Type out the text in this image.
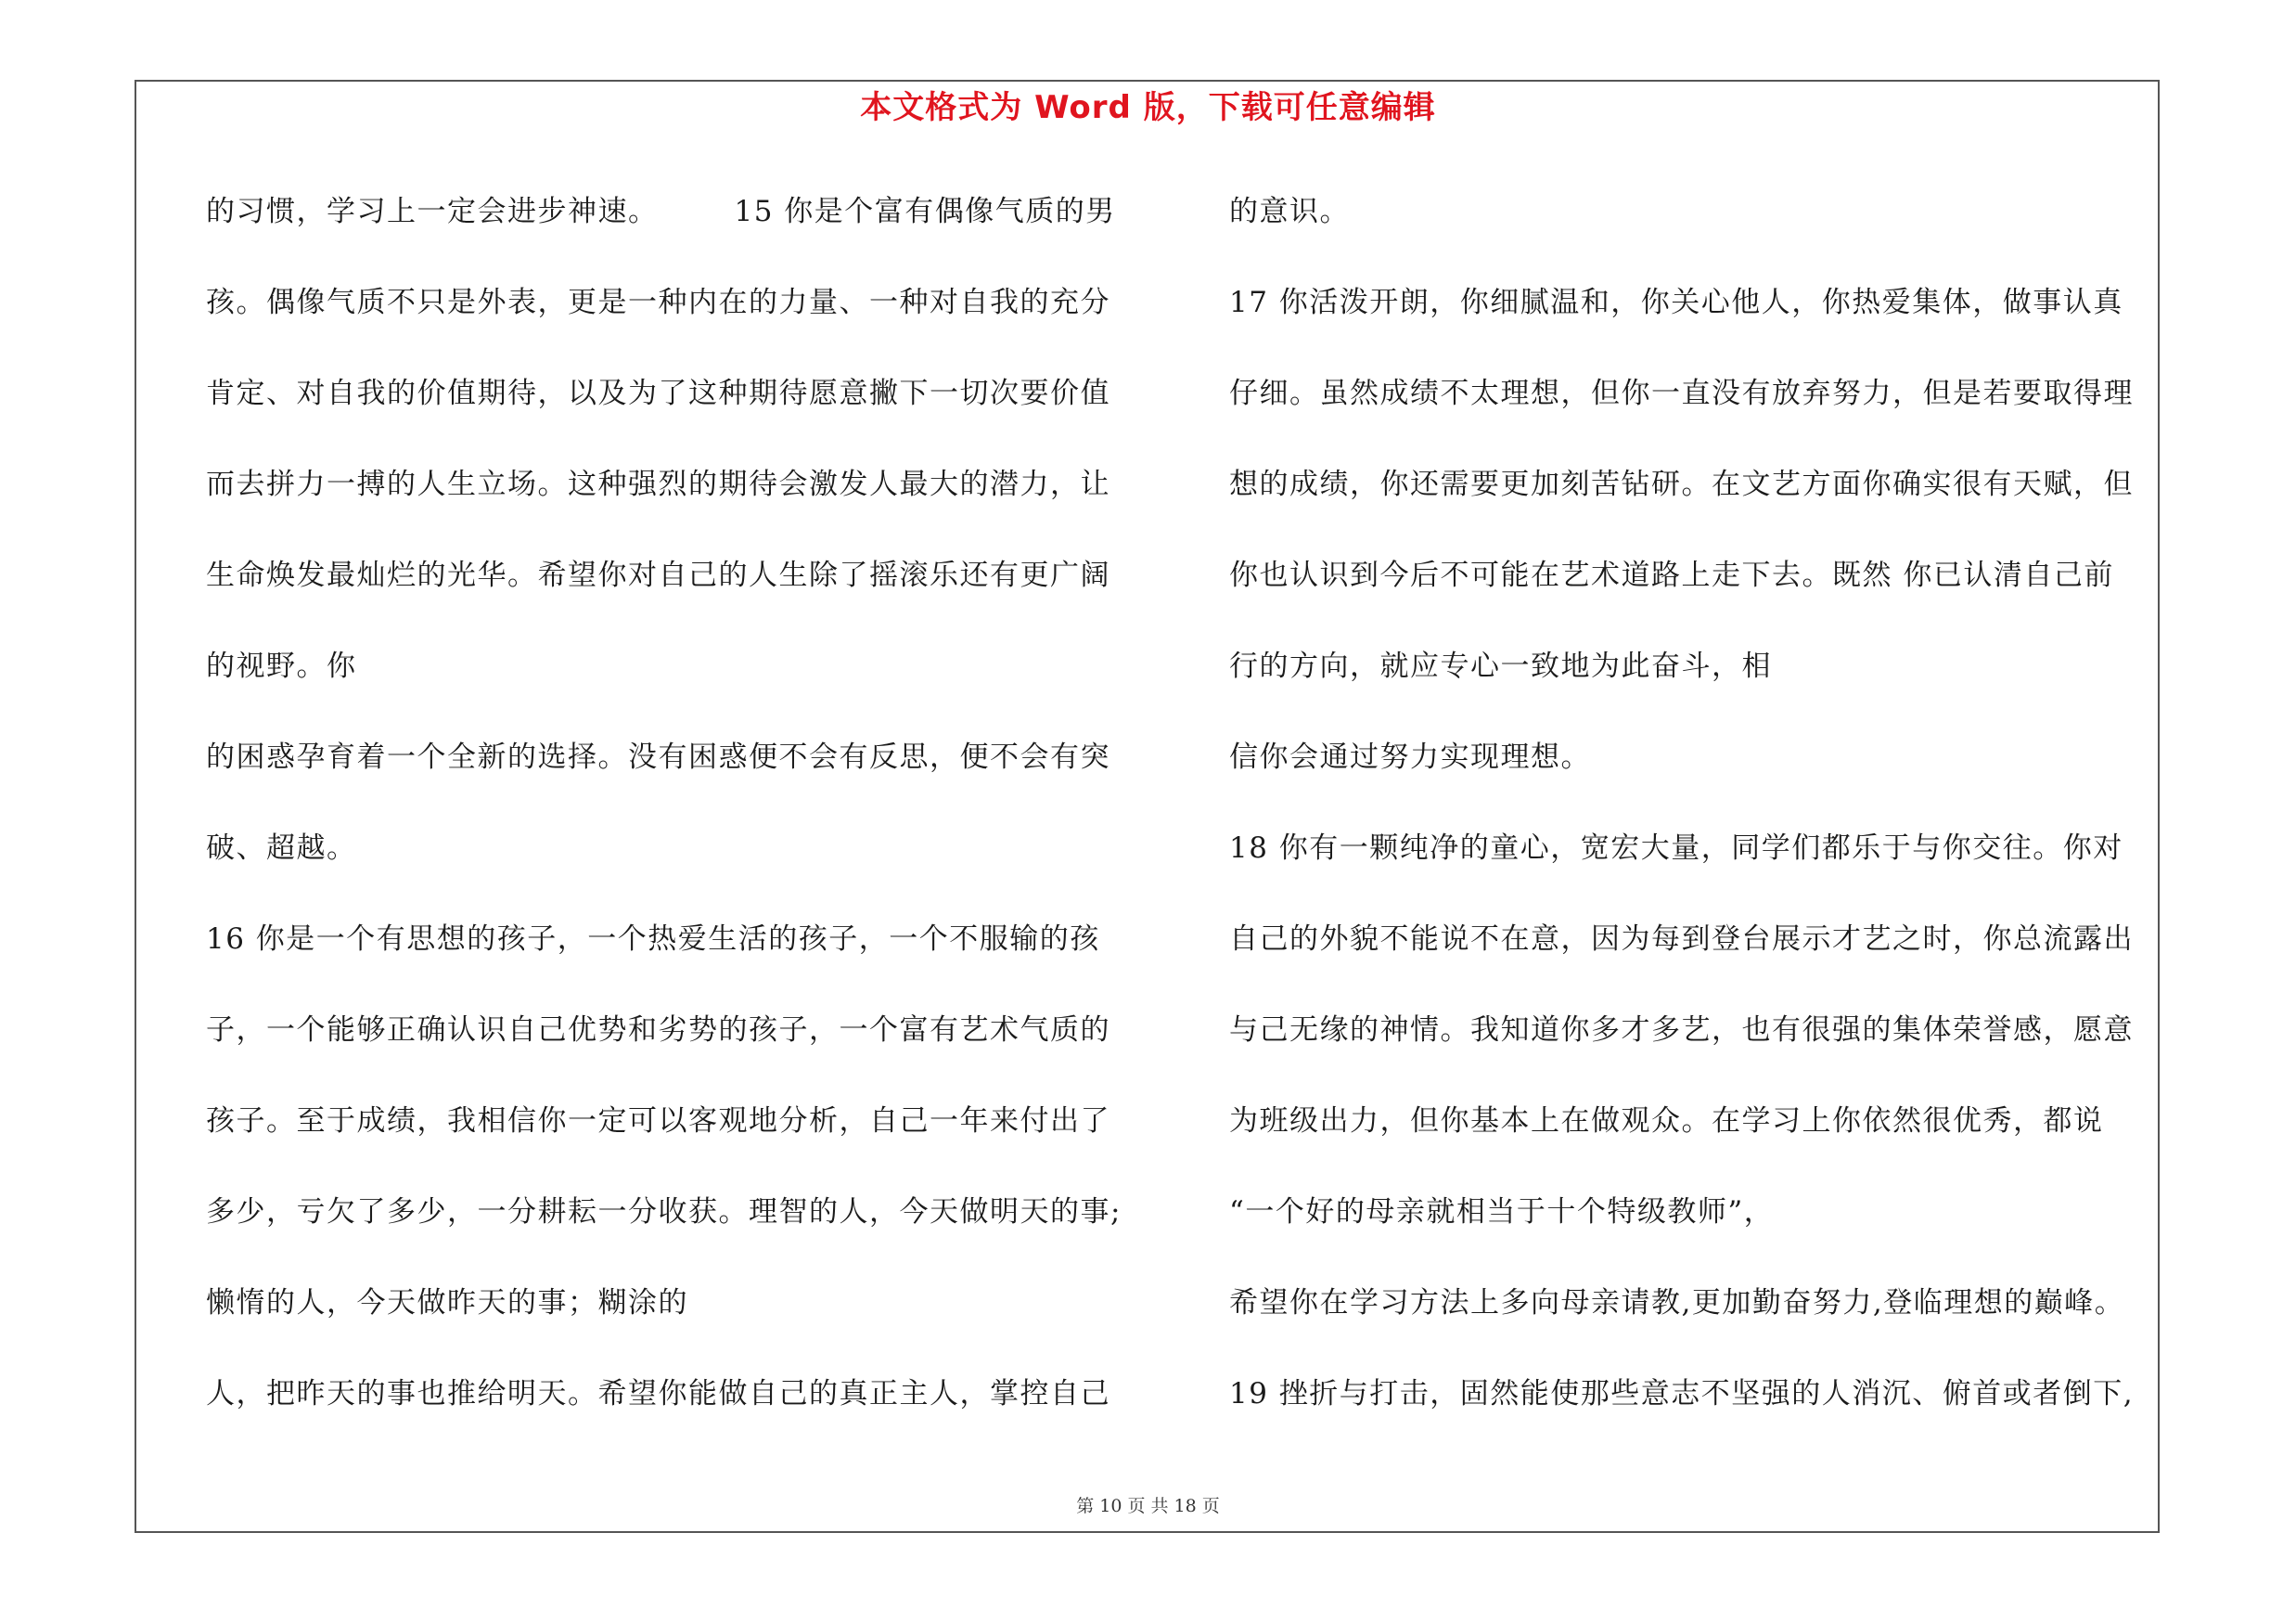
本文格式为 Word 版，下载可任意编辑
的习惯，学习上一定会进步神速。　　　15 你是个富有偶像气质的男
孩。偶像气质不只是外表，更是一种内在的力量、一种对自我的充分
肯定、对自我的价值期待，以及为了这种期待愿意撇下一切次要价值
而去拼力一搏的人生立场。这种强烈的期待会激发人最大的潜力，让
生命焕发最灿烂的光华。希望你对自己的人生除了摇滚乐还有更广阔
的视野。你
的困惑孕育着一个全新的选择。没有困惑便不会有反思，便不会有突
破、超越。
16 你是一个有思想的孩子，一个热爱生活的孩子，一个不服输的孩
子，一个能够正确认识自己优势和劣势的孩子，一个富有艺术气质的
孩子。至于成绩，我相信你一定可以客观地分析，自己一年来付出了
多少，亏欠了多少，一分耕耘一分收获。理智的人，今天做明天的事;
懒惰的人，今天做昨天的事；糊涂的
人，把昨天的事也推给明天。希望你能做自己的真正主人，掌控自己
的意识。
17 你活泼开朗，你细腻温和，你关心他人，你热爱集体，做事认真
仔细。虽然成绩不太理想，但你一直没有放弃努力，但是若要取得理
想的成绩，你还需要更加刻苦钻研。在文艺方面你确实很有天赋，但
你也认识到今后不可能在艺术道路上走下去。既然 你已认清自己前
行的方向，就应专心一致地为此奋斗，相
信你会通过努力实现理想。
18 你有一颗纯净的童心，宽宏大量，同学们都乐于与你交往。你对
自己的外貌不能说不在意，因为每到登台展示才艺之时，你总流露出
与己无缘的神情。我知道你多才多艺，也有很强的集体荣誉感，愿意
为班级出力，但你基本上在做观众。在学习上你依然很优秀，都说
“一个好的母亲就相当于十个特级教师”，
希望你在学习方法上多向母亲请教,更加勤奋努力,登临理想的巅峰。
19 挫折与打击，固然能使那些意志不坚强的人消沉、俯首或者倒下,
第 10 页 共 18 页
